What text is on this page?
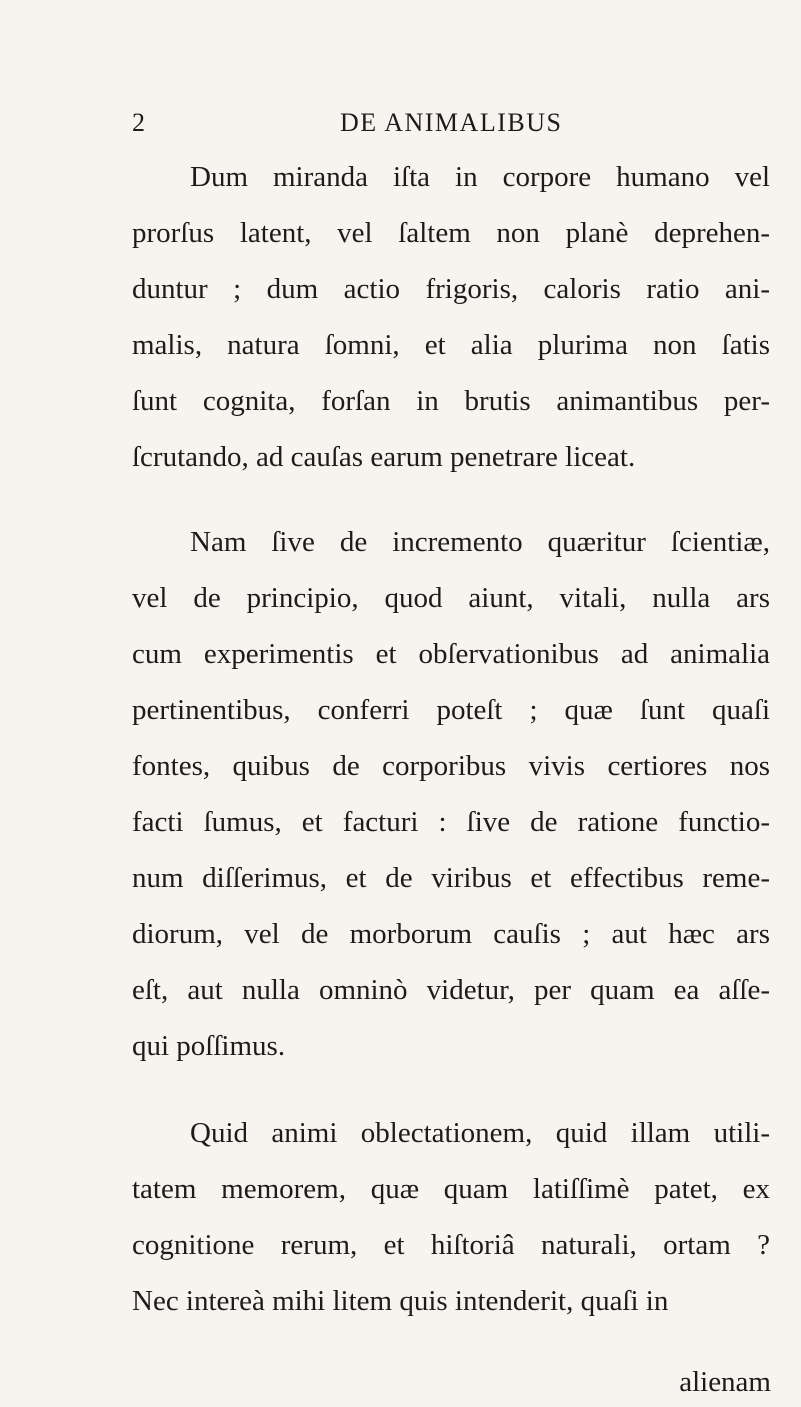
2	DE ANIMALIBUS
Dum miranda iſta in corpore humano vel
prorſus latent, vel ſaltem non planè deprehen-
duntur ; dum actio frigoris, caloris ratio ani-
malis, natura ſomni, et alia plurima non ſatis
ſunt cognita, forſan in brutis animantibus per-
ſcrutando, ad cauſas earum penetrare liceat.
Nam ſive de incremento quæritur ſcientiæ,
vel de principio, quod aiunt, vitali, nulla ars
cum experimentis et obſervationibus ad animalia
pertinentibus, conferri poteſt ; quæ ſunt quaſi
fontes, quibus de corporibus vivis certiores nos
facti ſumus, et facturi : ſive de ratione functio-
num diſſerimus, et de viribus et effectibus reme-
diorum, vel de morborum cauſis ; aut hæc ars
eſt, aut nulla omninò videtur, per quam ea aſſe-
qui poſſimus.
Quid animi oblectationem, quid illam utili-
tatem memorem, quæ quam latiſſimè patet, ex
cognitione rerum, et hiſtoriâ naturali, ortam ?
Nec intereà mihi litem quis intenderit, quaſi in
alienam
